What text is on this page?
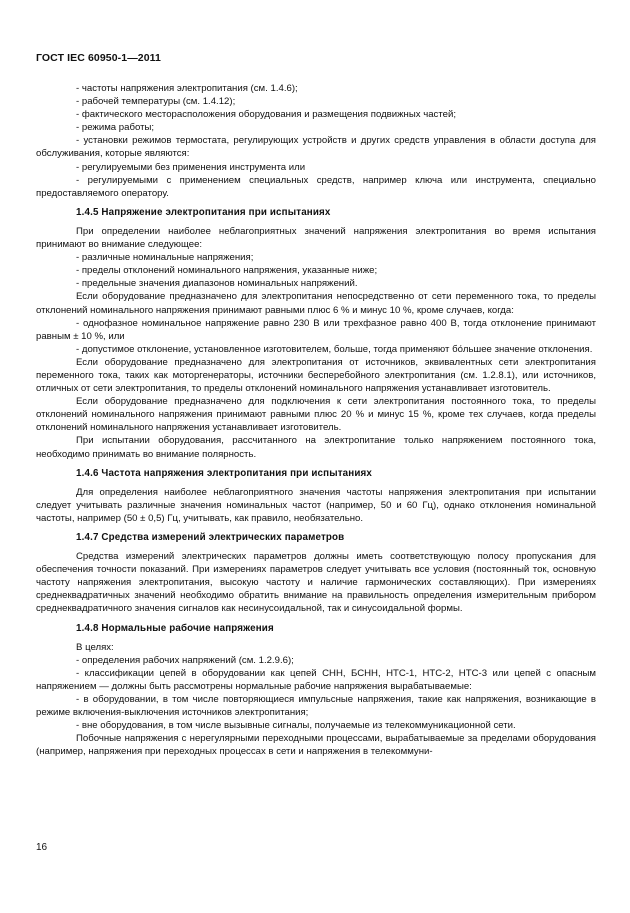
ГОСТ IEC 60950-1—2011

- частоты напряжения электропитания (см. 1.4.6);

- рабочей температуры (см. 1.4.12);

- фактического месторасположения оборудования и размещения подвижных частей;

- режима работы;

- установки режимов термостата, регулирующих устройств и других средств управления в области доступа для обслуживания, которые являются:

- регулируемыми без применения инструмента или

- регулируемыми с применением специальных средств, например ключа или инструмента, специально предоставляемого оператору.

1.4.5 Напряжение электропитания при испытаниях

При определении наиболее неблагоприятных значений напряжения электропитания во время испытания принимают во внимание следующее:

- различные номинальные напряжения;

- пределы отклонений номинального напряжения, указанные ниже;

- предельные значения диапазонов номинальных напряжений.

Если оборудование предназначено для электропитания непосредственно от сети переменного тока, то пределы отклонений номинального напряжения принимают равными плюс 6 % и минус 10 %, кроме случаев, когда:

- однофазное номинальное напряжение равно 230 В или трехфазное равно 400 В, тогда отклонение принимают равным ± 10 %, или

- допустимое отклонение, установленное изготовителем, больше, тогда применяют бо́льшее значение отклонения.

Если оборудование предназначено для электропитания от источников, эквивалентных сети электропитания переменного тока, таких как моторгенераторы, источники бесперебойного электропитания (см. 1.2.8.1), или источников, отличных от сети электропитания, то пределы отклонений номинального напряжения устанавливает изготовитель.

Если оборудование предназначено для подключения к сети электропитания постоянного тока, то пределы отклонений номинального напряжения принимают равными плюс 20 % и минус 15 %, кроме тех случаев, когда пределы отклонений номинального напряжения устанавливает изготовитель.

При испытании оборудования, рассчитанного на электропитание только напряжением постоянного тока, необходимо принимать во внимание полярность.

1.4.6 Частота напряжения электропитания при испытаниях

Для определения наиболее неблагоприятного значения частоты напряжения электропитания при испытании следует учитывать различные значения номинальных частот (например, 50 и 60 Гц), однако отклонения номинальной частоты, например (50 ± 0,5) Гц, учитывать, как правило, необязательно.

1.4.7 Средства измерений электрических параметров

Средства измерений электрических параметров должны иметь соответствующую полосу пропускания для обеспечения точности показаний. При измерениях параметров следует учитывать все условия (постоянный ток, основную частоту напряжения электропитания, высокую частоту и наличие гармонических составляющих). При измерениях среднеквадратичных значений необходимо обратить внимание на правильность определения измерительным прибором среднеквадратичного значения сигналов как несинусоидальной, так и синусоидальной формы.

1.4.8 Нормальные рабочие напряжения

В целях:

- определения рабочих напряжений (см. 1.2.9.6);

- классификации цепей в оборудовании как цепей СНН, БСНН, НТС-1, НТС-2, НТС-3 или цепей с опасным напряжением — должны быть рассмотрены нормальные рабочие напряжения вырабатываемые:

- в оборудовании, в том числе повторяющиеся импульсные напряжения, такие как напряжения, возникающие в режиме включения-выключения источников электропитания;

- вне оборудования, в том числе вызывные сигналы, получаемые из телекоммуникационной сети.

Побочные напряжения с нерегулярными переходными процессами, вырабатываемые за пределами оборудования (например, напряжения при переходных процессах в сети и напряжения в телекоммуни-

16
